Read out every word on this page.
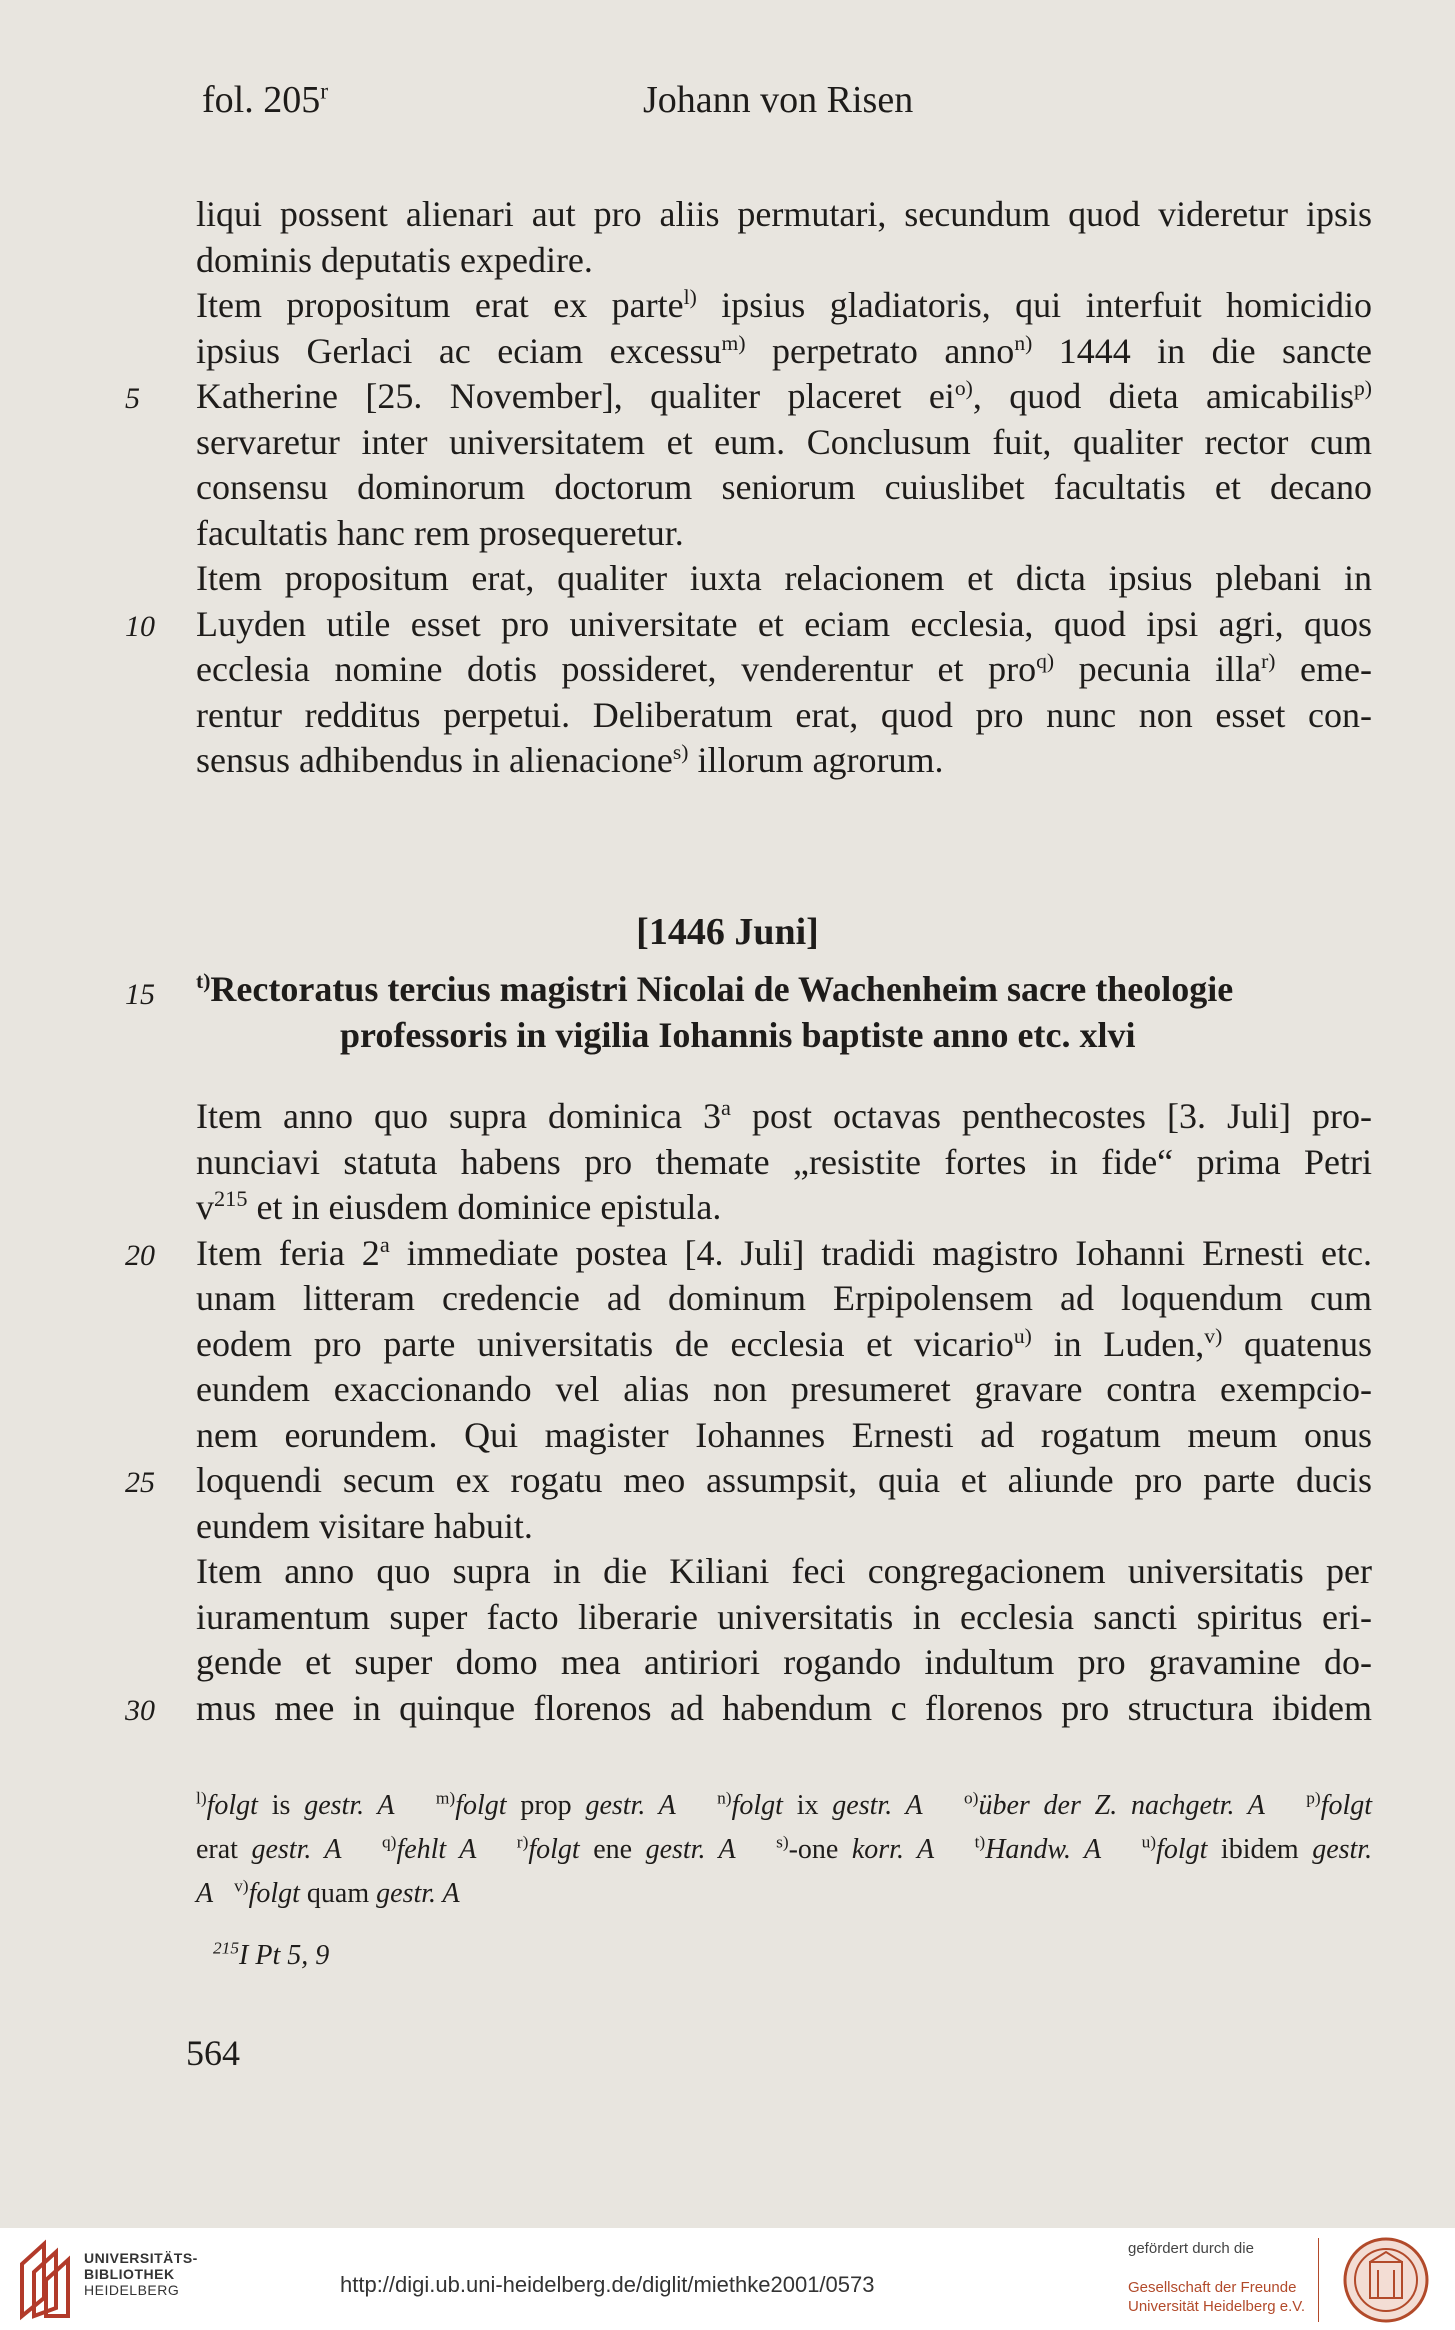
fol. 205$^r$	Johann von Risen
liqui possent alienari aut pro aliis permutari, secundum quod videretur ipsis
dominis deputatis expedire.
Item propositum erat ex parte$^{l)}$ ipsius gladiatoris, qui interfuit homicidio
ipsius Gerlaci ac eciam excessu$^{m)}$ perpetrato anno$^{n)}$ 1444 in die sancte
Katherine [25. November], qualiter placeret ei$^{o)}$, quod dieta amicabilis$^{p)}$
servaretur inter universitatem et eum. Conclusum fuit, qualiter rector cum
consensu dominorum doctorum seniorum cuiuslibet facultatis et decano
facultatis hanc rem prosequeretur.
Item propositum erat, qualiter iuxta relacionem et dicta ipsius plebani in
Luyden utile esset pro universitate et eciam ecclesia, quod ipsi agri, quos
ecclesia nomine dotis possideret, venderentur et pro$^{q)}$ pecunia illa$^{r)}$ eme-
rentur redditus perpetui. Deliberatum erat, quod pro nunc non esset con-
sensus adhibendus in alienacione$^{s)}$ illorum agrorum.
[1446 Juni]
$^{t)}$Rectoratus tercius magistri Nicolai de Wachenheim sacre theologie
professoris in vigilia Iohannis baptiste anno etc. xlvi
15
Item anno quo supra dominica 3$^a$ post octavas penthecostes [3. Juli] pro-
nunciavi statuta habens pro themate „resistite fortes in fide“ prima Petri
$v^{215}$ et in eiusdem dominice epistula.
Item feria 2$^a$ immediate postea [4. Juli] tradidi magistro Iohanni Ernesti etc.
unam litteram credencie ad dominum Erpipolensem ad loquendum cum
eodem pro parte universitatis de ecclesia et vicario$^{u)}$ in Luden,$^{v)}$ quatenus
eundem exaccionando vel alias non presumeret gravare contra exempcio-
nem eorundem. Qui magister Iohannes Ernesti ad rogatum meum onus
loquendi secum ex rogatu meo assumpsit, quia et aliunde pro parte ducis
eundem visitare habuit.
Item anno quo supra in die Kiliani feci congregacionem universitatis per
iuramentum super facto liberarie universitatis in ecclesia sancti spiritus eri-
gende et super domo mea antiriori rogando indultum pro gravamine do-
mus mee in quinque florenos ad habendum c florenos pro structura ibidem
$^{l)}$folgt is gestr. A $^{m)}$folgt prop gestr. A $^{n)}$folgt ix gestr. A $^{o)}$über der Z. nachgetr. A $^{p)}$folgt
erat gestr. A $^{q)}$fehlt A $^{r)}$folgt ene gestr. A $^{s)}$-one korr. A $^{t)}$Handw. A $^{u)}$folgt ibidem gestr.
A $^{v)}$folgt quam gestr. A
$^{215}$I Pt 5, 9
564
5
10
20
25
30
UNIVERSITÄTS-
BIBLIOTHEK
HEIDELBERG	http://digi.ub.uni-heidelberg.de/diglit/miethke2001/0573
gefördert durch die
Gesellschaft der Freunde
Universität Heidelberg e.V.
